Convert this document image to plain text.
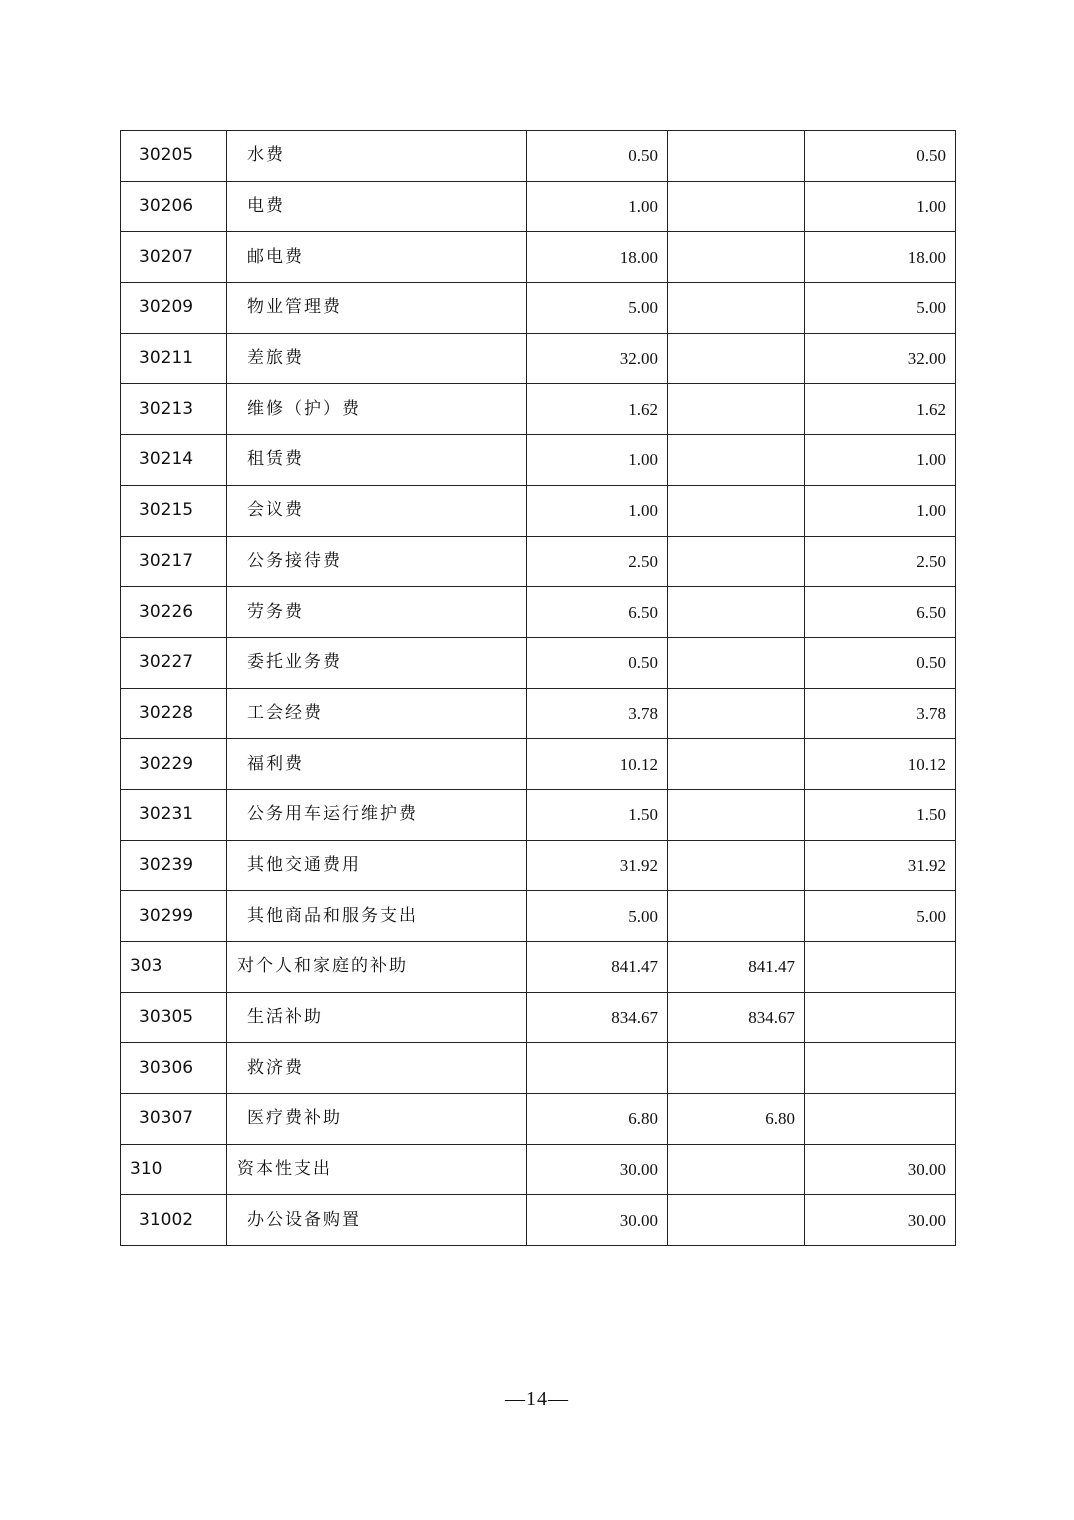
30205	水费	0.50		0.50
30206	电费	1.00		1.00
30207	邮电费	18.00		18.00
30209	物业管理费	5.00		5.00
30211	差旅费	32.00		32.00
30213	维修（护）费	1.62		1.62
30214	租赁费	1.00		1.00
30215	会议费	1.00		1.00
30217	公务接待费	2.50		2.50
30226	劳务费	6.50		6.50
30227	委托业务费	0.50		0.50
30228	工会经费	3.78		3.78
30229	福利费	10.12		10.12
30231	公务用车运行维护费	1.50		1.50
30239	其他交通费用	31.92		31.92
30299	其他商品和服务支出	5.00		5.00
303	对个人和家庭的补助	841.47	841.47	
30305	生活补助	834.67	834.67	
30306	救济费			
30307	医疗费补助	6.80	6.80	
310	资本性支出	30.00		30.00
31002	办公设备购置	30.00		30.00
—14—
